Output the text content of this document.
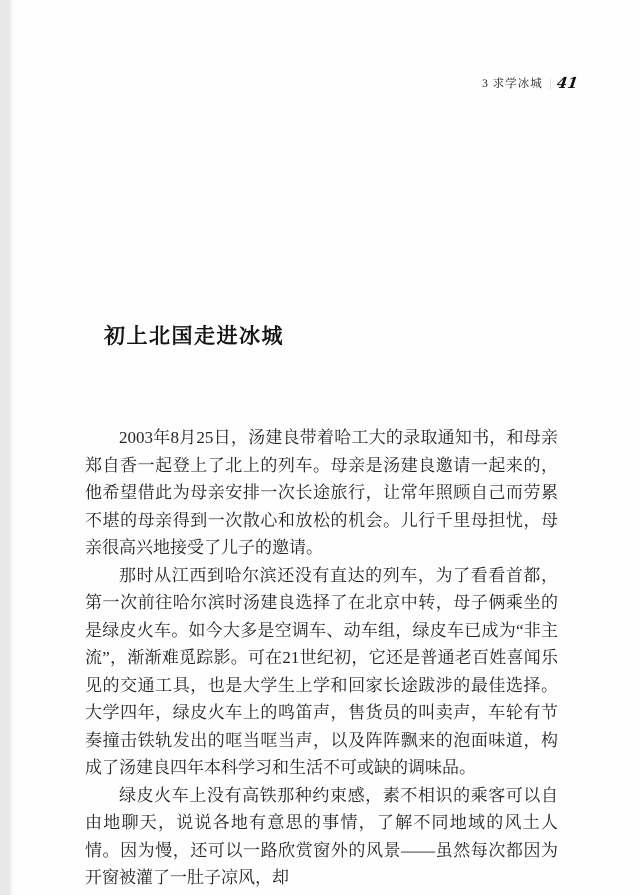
3 求学冰城 | 41
初上北国走进冰城

2003年8月25日，汤建良带着哈工大的录取通知书，和母亲郑自香一起登上了北上的列车。母亲是汤建良邀请一起来的，他希望借此为母亲安排一次长途旅行，让常年照顾自己而劳累不堪的母亲得到一次散心和放松的机会。儿行千里母担忧，母亲很高兴地接受了儿子的邀请。

那时从江西到哈尔滨还没有直达的列车，为了看看首都，第一次前往哈尔滨时汤建良选择了在北京中转，母子俩乘坐的是绿皮火车。如今大多是空调车、动车组，绿皮车已成为“非主流”，渐渐难觅踪影。可在21世纪初，它还是普通老百姓喜闻乐见的交通工具，也是大学生上学和回家长途跋涉的最佳选择。大学四年，绿皮火车上的鸣笛声，售货员的叫卖声，车轮有节奏撞击铁轨发出的哐当哐当声，以及阵阵飘来的泡面味道，构成了汤建良四年本科学习和生活不可或缺的调味品。

绿皮火车上没有高铁那种约束感，素不相识的乘客可以自由地聊天，说说各地有意思的事情，了解不同地域的风土人情。因为慢，还可以一路欣赏窗外的风景——虽然每次都因为开窗被灌了一肚子凉风，却
